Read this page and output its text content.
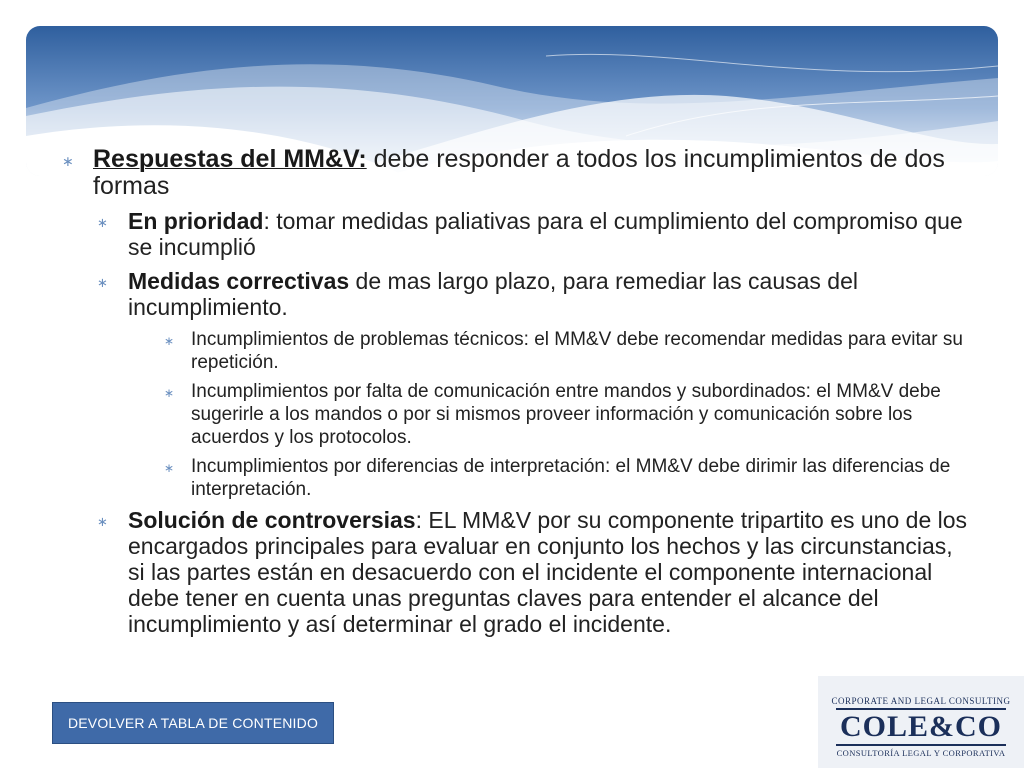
∗ Respuestas del MM&V: debe responder a todos los incumplimientos de dos formas
∗ En prioridad: tomar medidas paliativas para el cumplimiento del compromiso que se incumplió
∗ Medidas correctivas de mas largo plazo, para remediar las causas del incumplimiento.
∗ Incumplimientos de problemas técnicos: el MM&V debe recomendar medidas para evitar su repetición.
∗ Incumplimientos por falta de comunicación entre mandos y subordinados: el MM&V debe sugerirle a los mandos o por si mismos proveer información y comunicación sobre los acuerdos y los protocolos.
∗ Incumplimientos por diferencias de interpretación: el MM&V debe dirimir las diferencias de interpretación.
∗ Solución de controversias: EL MM&V por su componente tripartito es uno de los encargados principales para evaluar en conjunto los hechos y las circunstancias, si las partes están en desacuerdo con el incidente el componente internacional debe tener en cuenta unas preguntas claves para entender el alcance del incumplimiento y así determinar el grado el incidente.
DEVOLVER A TABLA DE CONTENIDO
CORPORATE AND LEGAL CONSULTING
COLE&CO
CONSULTORÍA LEGAL Y CORPORATIVA
